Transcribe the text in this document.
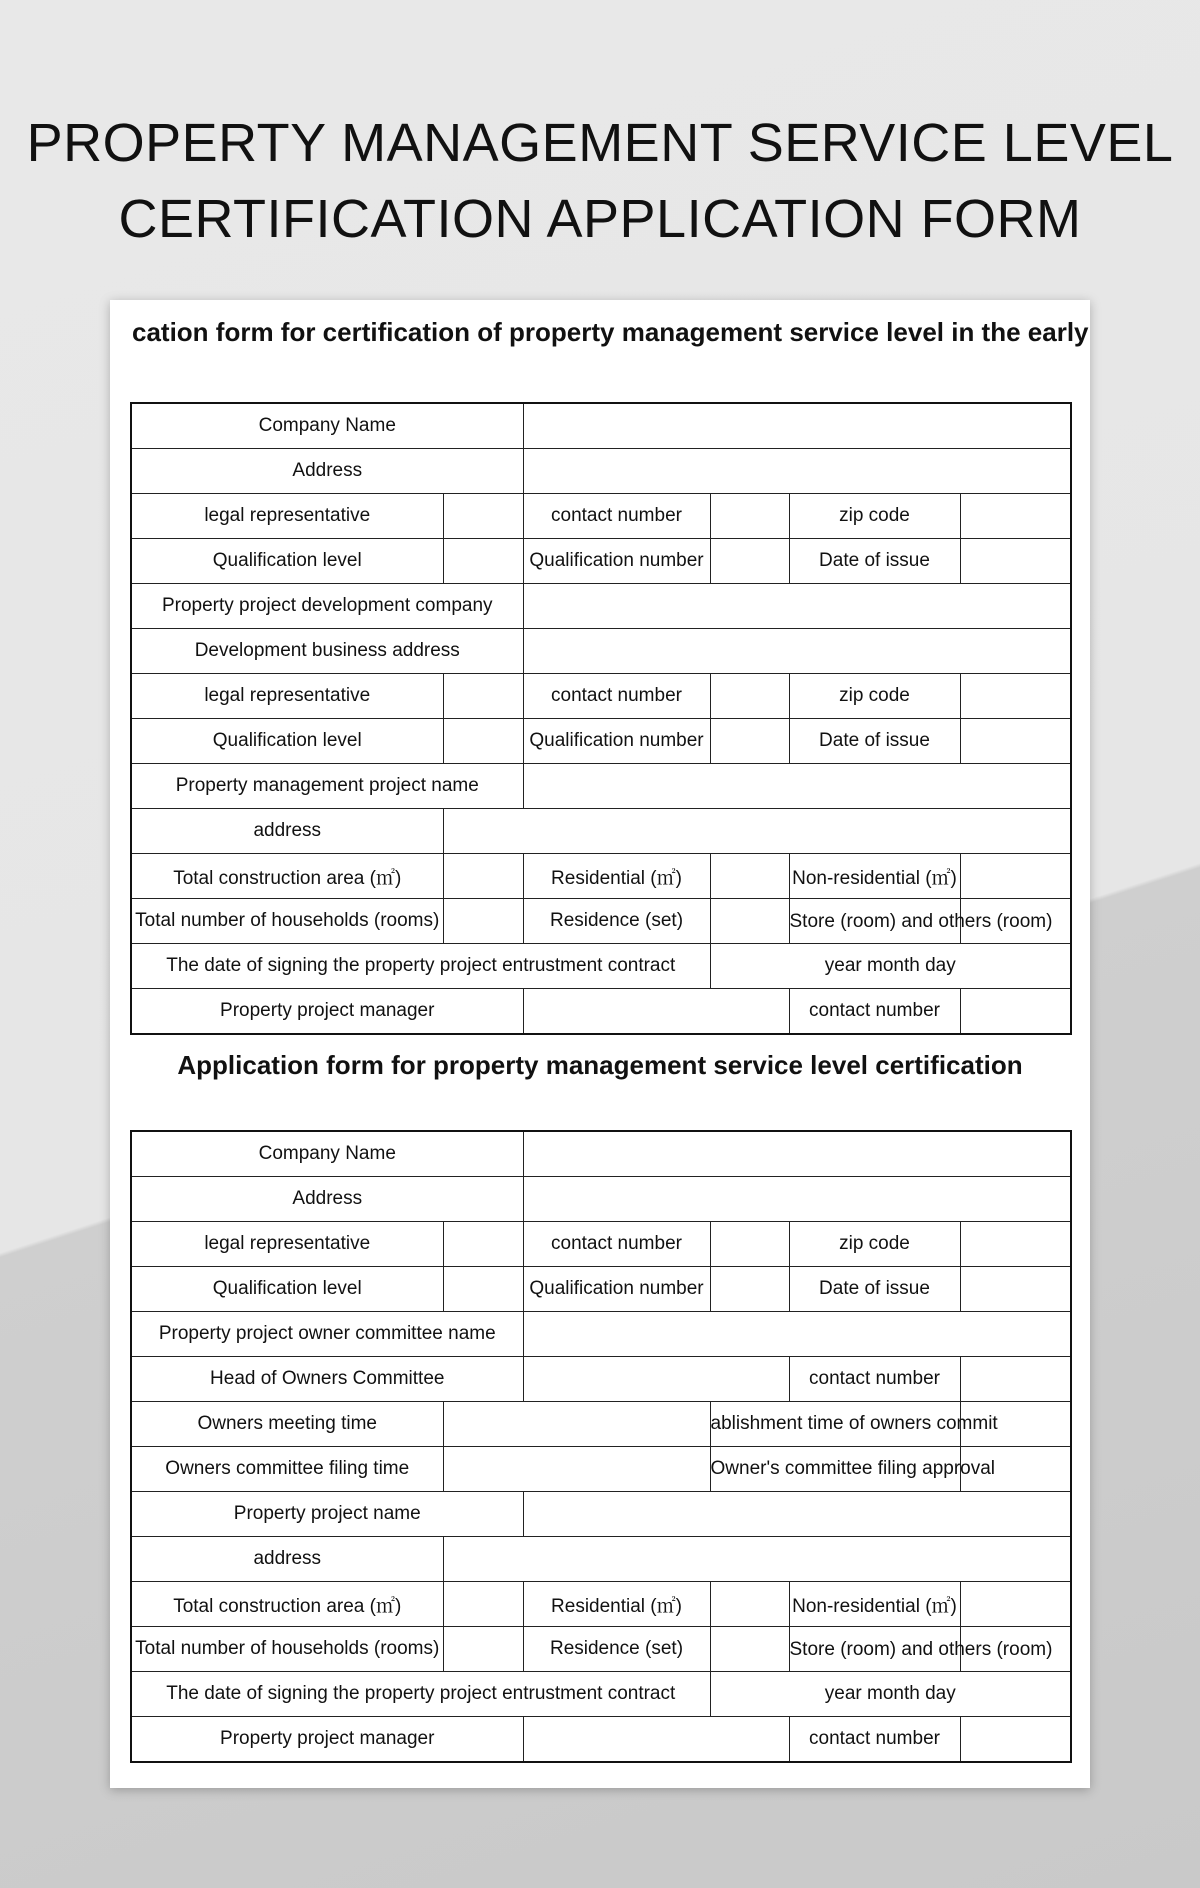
PROPERTY MANAGEMENT SERVICE LEVEL
CERTIFICATION APPLICATION FORM
cation form for certification of property management service level in the early
Company Name					
Address					
legal representative		contact number		zip code	
Qualification level		Qualification number		Date of issue	
Property project development company					
Development business address					
legal representative		contact number		zip code	
Qualification level		Qualification number		Date of issue	
Property management project name					
address					
Total construction area (㎡)		Residential (㎡)		Non-residential (㎡)	
Total number of households (rooms)		Residence (set)		Store (room) and others (room)	
The date of signing the property project entrustment contract			year month day		
Property project manager				contact number	
Application form for property management service level certification
Company Name					
Address					
legal representative		contact number		zip code	
Qualification level		Qualification number		Date of issue	
Property project owner committee name					
Head of Owners Committee				contact number	
Owners meeting time			ablishment time of owners commit		
Owners committee filing time			Owner's committee filing approval		
Property project name					
address					
Total construction area (㎡)		Residential (㎡)		Non-residential (㎡)	
Total number of households (rooms)		Residence (set)		Store (room) and others (room)	
The date of signing the property project entrustment contract			year month day		
Property project manager				contact number	
